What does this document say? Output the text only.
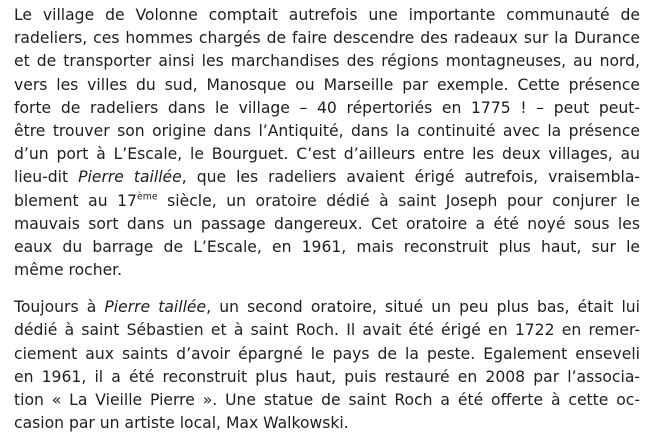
Le village de Volonne comptait autrefois une importante communauté de
radeliers, ces hommes chargés de faire descendre des radeaux sur la Durance
et de transporter ainsi les marchandises des régions montagneuses, au nord,
vers les villes du sud, Manosque ou Marseille par exemple. Cette présence
forte de radeliers dans le village – 40 répertoriés en 1775 ! – peut peut-
être trouver son origine dans l’Antiquité, dans la continuité avec la présence
d’un port à L’Escale, le Bourguet. C’est d’ailleurs entre les deux villages, au
lieu-dit Pierre taillée, que les radeliers avaient érigé autrefois, vraisembla-
blement au 17ème siècle, un oratoire dédié à saint Joseph pour conjurer le
mauvais sort dans un passage dangereux. Cet oratoire a été noyé sous les
eaux du barrage de L’Escale, en 1961, mais reconstruit plus haut, sur le
même rocher.
Toujours à Pierre taillée, un second oratoire, situé un peu plus bas, était lui
dédié à saint Sébastien et à saint Roch. Il avait été érigé en 1722 en remer-
ciement aux saints d’avoir épargné le pays de la peste. Egalement enseveli
en 1961, il a été reconstruit plus haut, puis restauré en 2008 par l’associa-
tion « La Vieille Pierre ». Une statue de saint Roch a été offerte à cette oc-
casion par un artiste local, Max Walkowski.
